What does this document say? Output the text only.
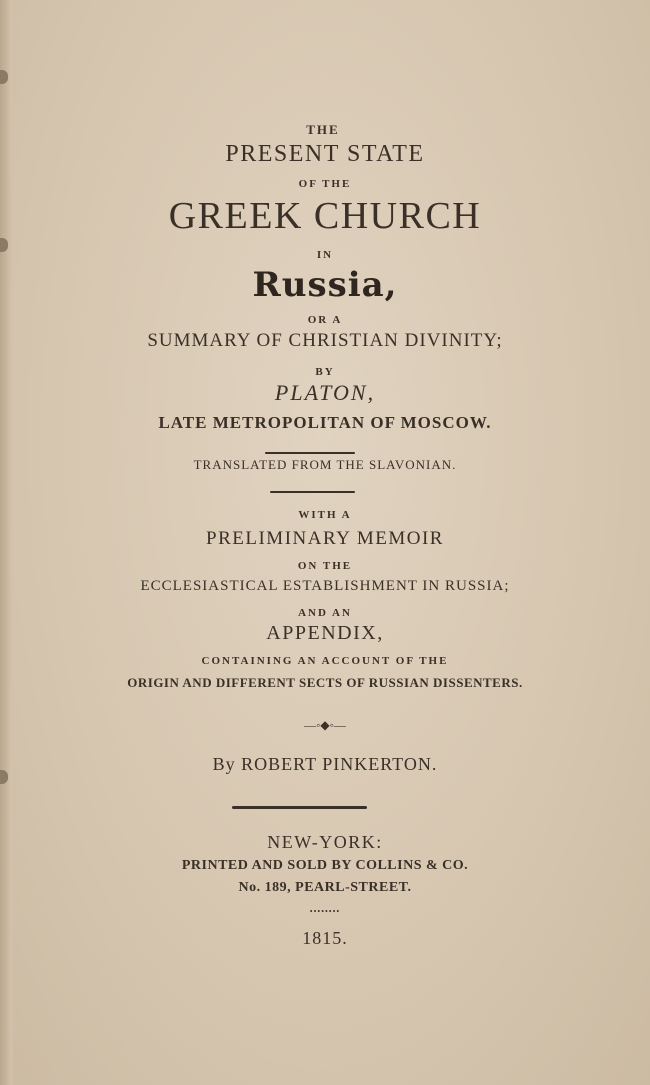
THE
PRESENT STATE
OF THE
GREEK CHURCH
IN
Russia,
OR A
SUMMARY OF CHRISTIAN DIVINITY;
BY
PLATON,
LATE METROPOLITAN OF MOSCOW.
TRANSLATED FROM THE SLAVONIAN.
WITH A
PRELIMINARY MEMOIR
ON THE
ECCLESIASTICAL ESTABLISHMENT IN RUSSIA;
AND AN
APPENDIX,
CONTAINING AN ACCOUNT OF THE
ORIGIN AND DIFFERENT SECTS OF RUSSIAN DISSENTERS.
—◦◆◦—
By ROBERT PINKERTON.
NEW-YORK:
PRINTED AND SOLD BY COLLINS & CO.
No. 189, PEARL-STREET.
••••••••
1815.
